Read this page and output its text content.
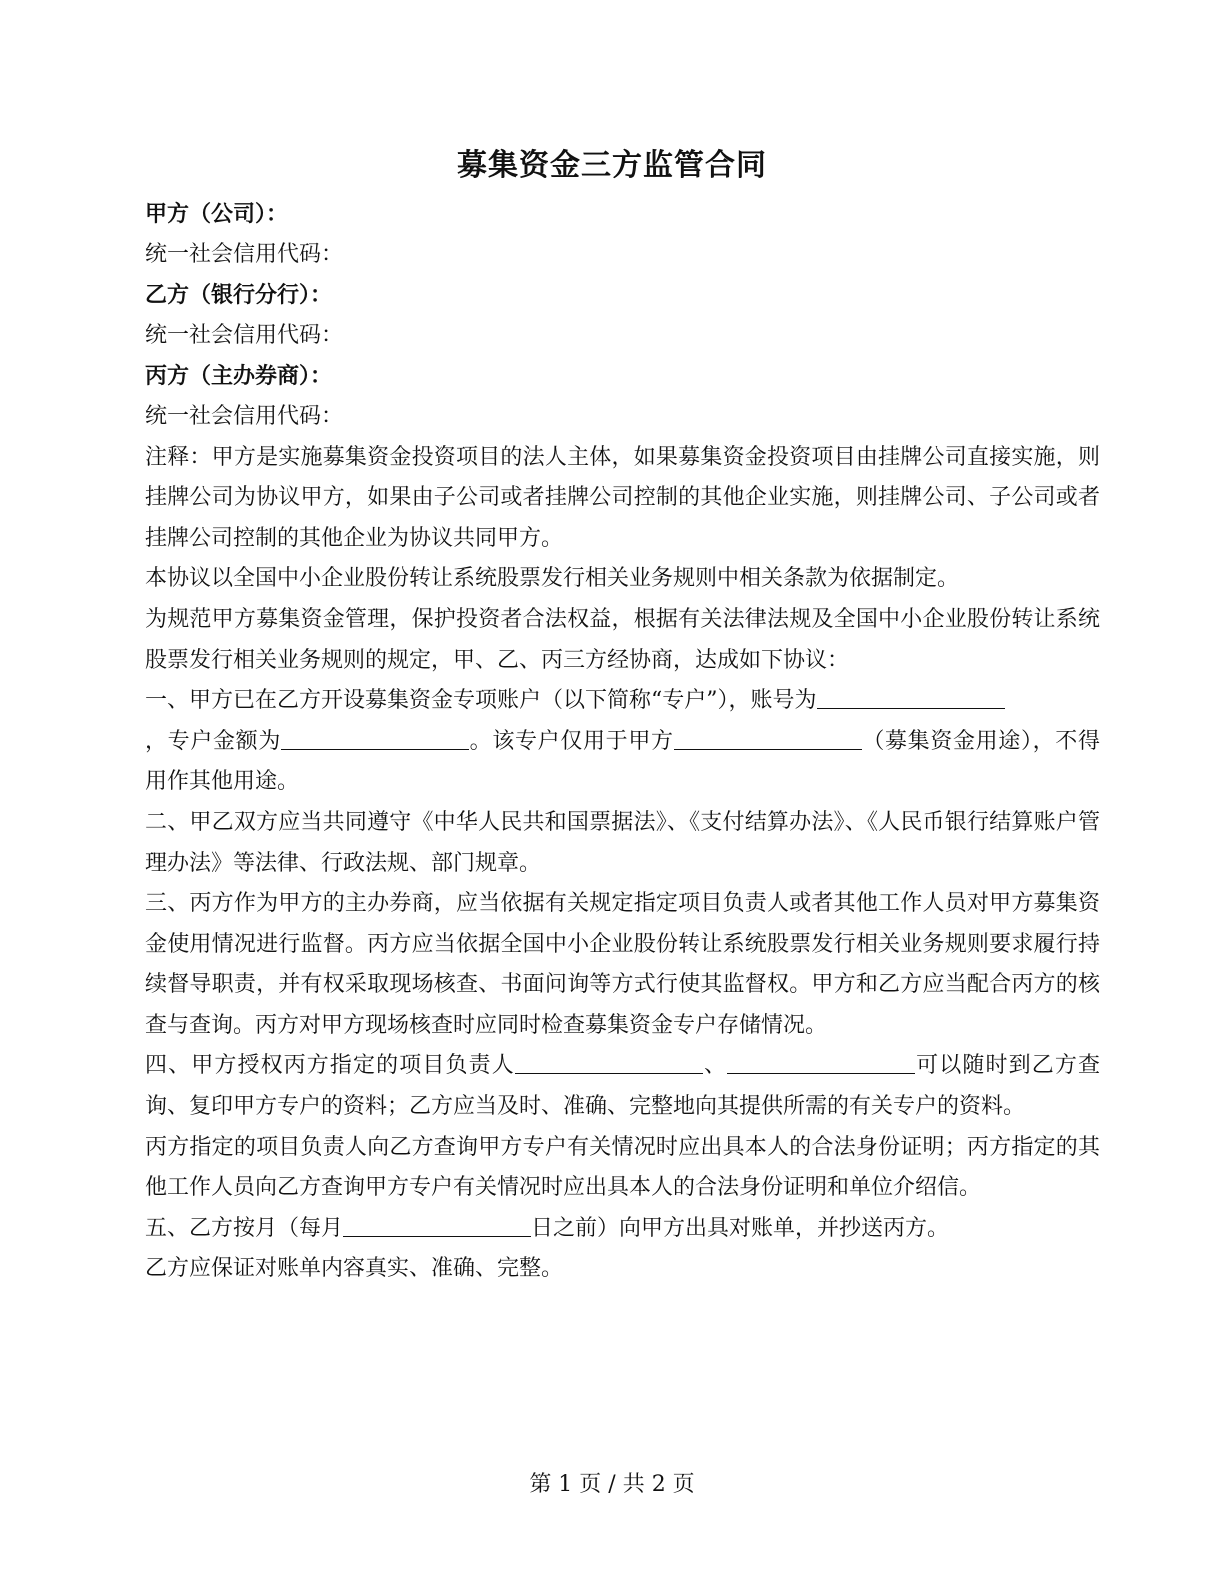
募集资金三方监管合同

甲方（公司）：

统一社会信用代码：

乙方（银行分行）：

统一社会信用代码：

丙方（主办券商）：

统一社会信用代码：

注释：甲方是实施募集资金投资项目的法人主体，如果募集资金投资项目由挂牌公司直接实施，则挂牌公司为协议甲方，如果由子公司或者挂牌公司控制的其他企业实施，则挂牌公司、子公司或者挂牌公司控制的其他企业为协议共同甲方。

本协议以全国中小企业股份转让系统股票发行相关业务规则中相关条款为依据制定。

为规范甲方募集资金管理，保护投资者合法权益，根据有关法律法规及全国中小企业股份转让系统股票发行相关业务规则的规定，甲、乙、丙三方经协商，达成如下协议：

一、甲方已在乙方开设募集资金专项账户（以下简称“专户”），账号为
，专户金额为	。该专户仅用于甲方	（募集资金用途），不得用作其他用途。

二、甲乙双方应当共同遵守《中华人民共和国票据法》、《支付结算办法》、《人民币银行结算账户管理办法》等法律、行政法规、部门规章。

三、丙方作为甲方的主办券商，应当依据有关规定指定项目负责人或者其他工作人员对甲方募集资金使用情况进行监督。丙方应当依据全国中小企业股份转让系统股票发行相关业务规则要求履行持续督导职责，并有权采取现场核查、书面问询等方式行使其监督权。甲方和乙方应当配合丙方的核查与查询。丙方对甲方现场核查时应同时检查募集资金专户存储情况。

四、甲方授权丙方指定的项目负责人	、	可以随时到乙方查询、复印甲方专户的资料；乙方应当及时、准确、完整地向其提供所需的有关专户的资料。

丙方指定的项目负责人向乙方查询甲方专户有关情况时应出具本人的合法身份证明；丙方指定的其他工作人员向乙方查询甲方专户有关情况时应出具本人的合法身份证明和单位介绍信。

五、乙方按月（每月	日之前）向甲方出具对账单，并抄送丙方。

乙方应保证对账单内容真实、准确、完整。

第 1 页 / 共 2 页
